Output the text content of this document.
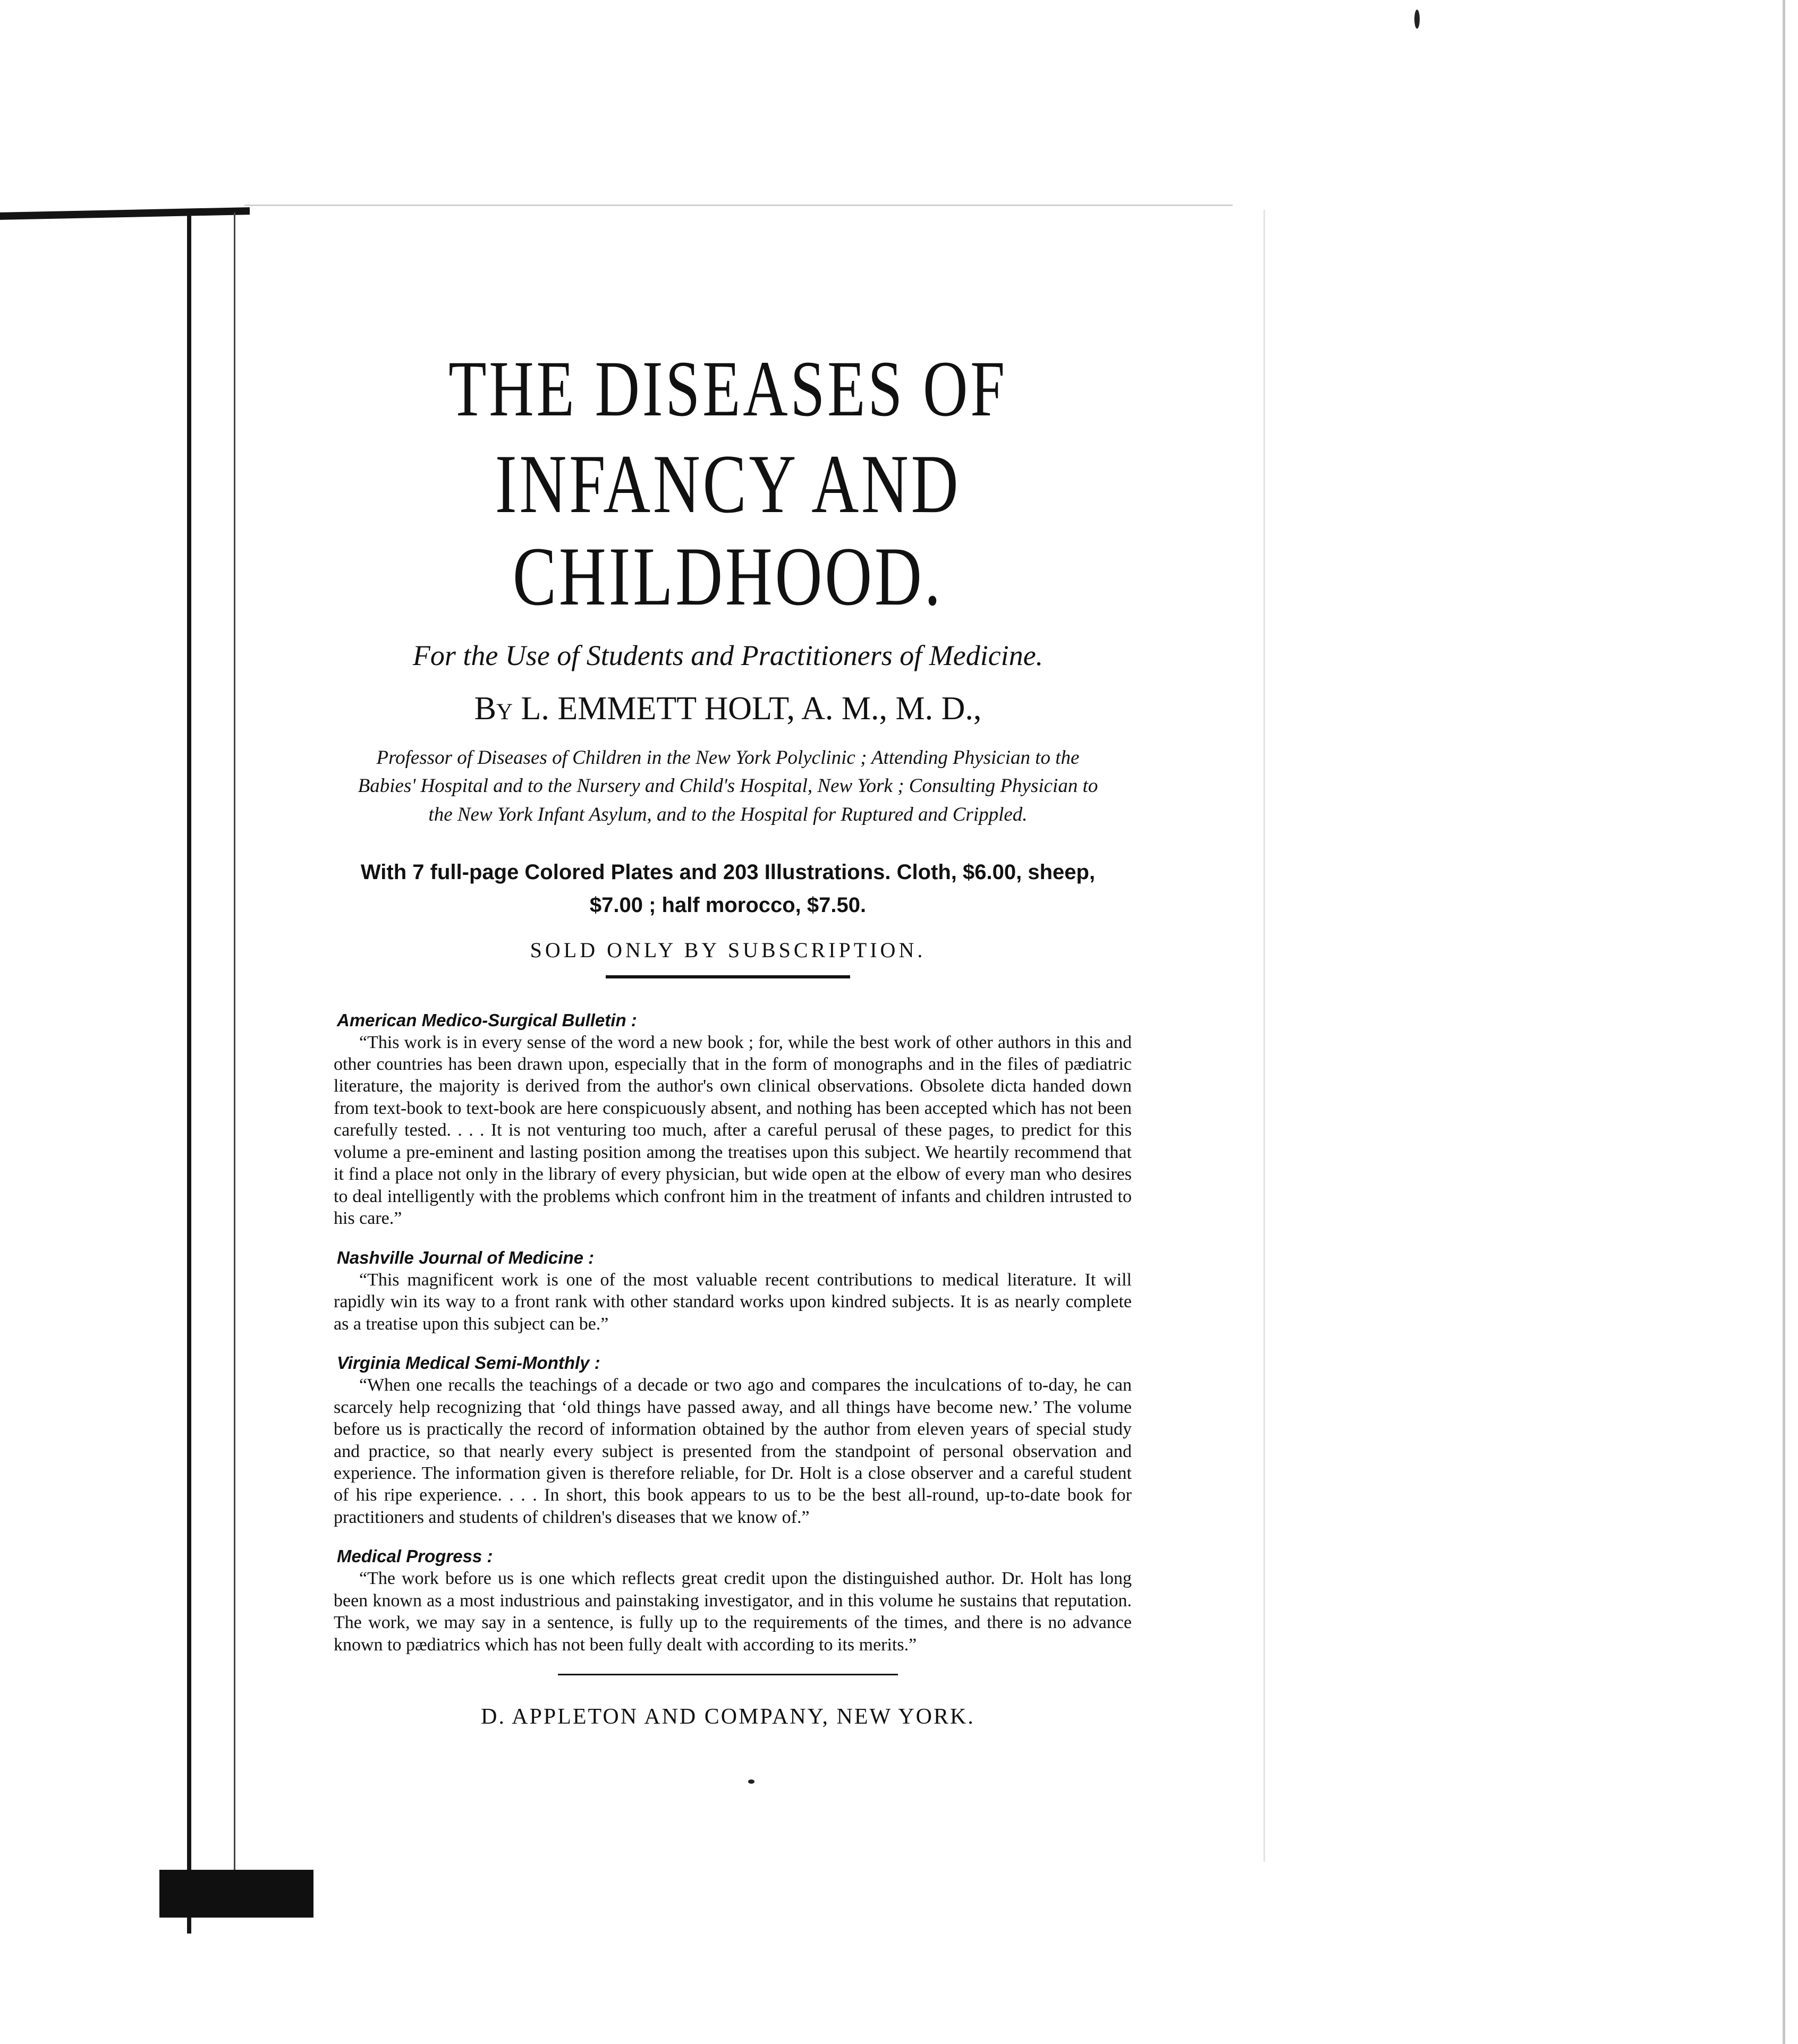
THE DISEASES OF
INFANCY AND CHILDHOOD.
For the Use of Students and Practitioners of Medicine.
By L. EMMETT HOLT, A. M., M. D.,
Professor of Diseases of Children in the New York Polyclinic ; Attending Physician to the Babies' Hospital and to the Nursery and Child's Hospital, New York ; Consulting Physician to the New York Infant Asylum, and to the Hospital for Ruptured and Crippled.
With 7 full-page Colored Plates and 203 Illustrations. Cloth, $6.00, sheep, $7.00 ; half morocco, $7.50.
SOLD ONLY BY SUBSCRIPTION.
American Medico-Surgical Bulletin :

“This work is in every sense of the word a new book ; for, while the best work of other authors in this and other countries has been drawn upon, especially that in the form of monographs and in the files of pædiatric literature, the majority is derived from the author's own clinical observations. Obsolete dicta handed down from text-book to text-book are here conspicuously absent, and nothing has been accepted which has not been carefully tested. . . . It is not venturing too much, after a careful perusal of these pages, to predict for this volume a pre-eminent and lasting position among the treatises upon this subject. We heartily recommend that it find a place not only in the library of every physician, but wide open at the elbow of every man who desires to deal intelligently with the problems which confront him in the treatment of infants and children intrusted to his care.”

Nashville Journal of Medicine :

“This magnificent work is one of the most valuable recent contributions to medical literature. It will rapidly win its way to a front rank with other standard works upon kindred subjects. It is as nearly complete as a treatise upon this subject can be.”

Virginia Medical Semi-Monthly :

“When one recalls the teachings of a decade or two ago and compares the inculcations of to-day, he can scarcely help recognizing that ‘old things have passed away, and all things have become new.’ The volume before us is practically the record of information obtained by the author from eleven years of special study and practice, so that nearly every subject is presented from the standpoint of personal observation and experience. The information given is therefore reliable, for Dr. Holt is a close observer and a careful student of his ripe experience. . . . In short, this book appears to us to be the best all-round, up-to-date book for practitioners and students of children's diseases that we know of.”

Medical Progress :

“The work before us is one which reflects great credit upon the distinguished author. Dr. Holt has long been known as a most industrious and painstaking investigator, and in this volume he sustains that reputation. The work, we may say in a sentence, is fully up to the requirements of the times, and there is no advance known to pædiatrics which has not been fully dealt with according to its merits.”

D. APPLETON AND COMPANY, NEW YORK.
